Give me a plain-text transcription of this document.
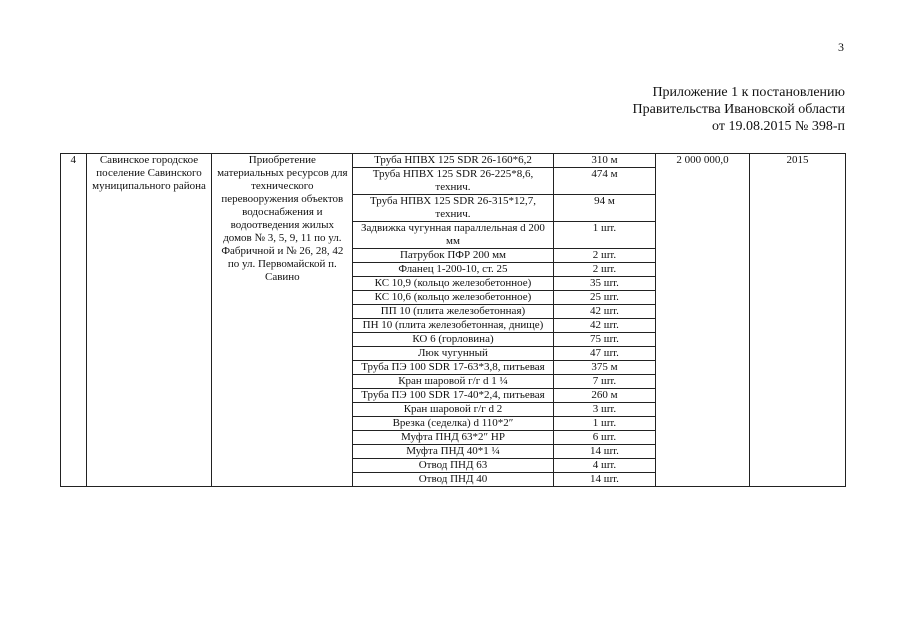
3
Приложение 1 к постановлению
Правительства Ивановской области
от 19.08.2015 № 398-п
4	Савинское городское поселение Савинского муниципального района	Приобретение материальных ресурсов для технического перевооружения объектов водоснабжения и водоотведения жилых домов № 3, 5, 9, 11 по ул. Фабричной и № 26, 28, 42 по ул. Первомайской п. Савино	Труба НПВХ 125 SDR 26-160*6,2	310 м	2 000 000,0	2015
			Труба НПВХ 125 SDR 26-225*8,6, технич.	474 м		
			Труба НПВХ 125 SDR 26-315*12,7, технич.	94 м		
			Задвижка чугунная параллельная d 200 мм	1 шт.		
			Патрубок ПФР 200 мм	2 шт.		
			Фланец 1-200-10, ст. 25	2 шт.		
			КС 10,9 (кольцо железобетонное)	35 шт.		
			КС 10,6 (кольцо железобетонное)	25 шт.		
			ПП 10 (плита железобетонная)	42 шт.		
			ПН 10 (плита железобетонная, днище)	42 шт.		
			КО 6 (горловина)	75 шт.		
			Люк чугунный	47 шт.		
			Труба ПЭ 100 SDR 17-63*3,8, питьевая	375 м		
			Кран шаровой г/г d 1 ¼	7 шт.		
			Труба ПЭ 100 SDR 17-40*2,4, питьевая	260 м		
			Кран шаровой г/г d 2	3 шт.		
			Врезка (седелка) d 110*2″	1 шт.		
			Муфта ПНД 63*2″ НР	6 шт.		
			Муфта ПНД 40*1 ¼	14 шт.		
			Отвод ПНД 63	4 шт.		
			Отвод ПНД 40	14 шт.		
